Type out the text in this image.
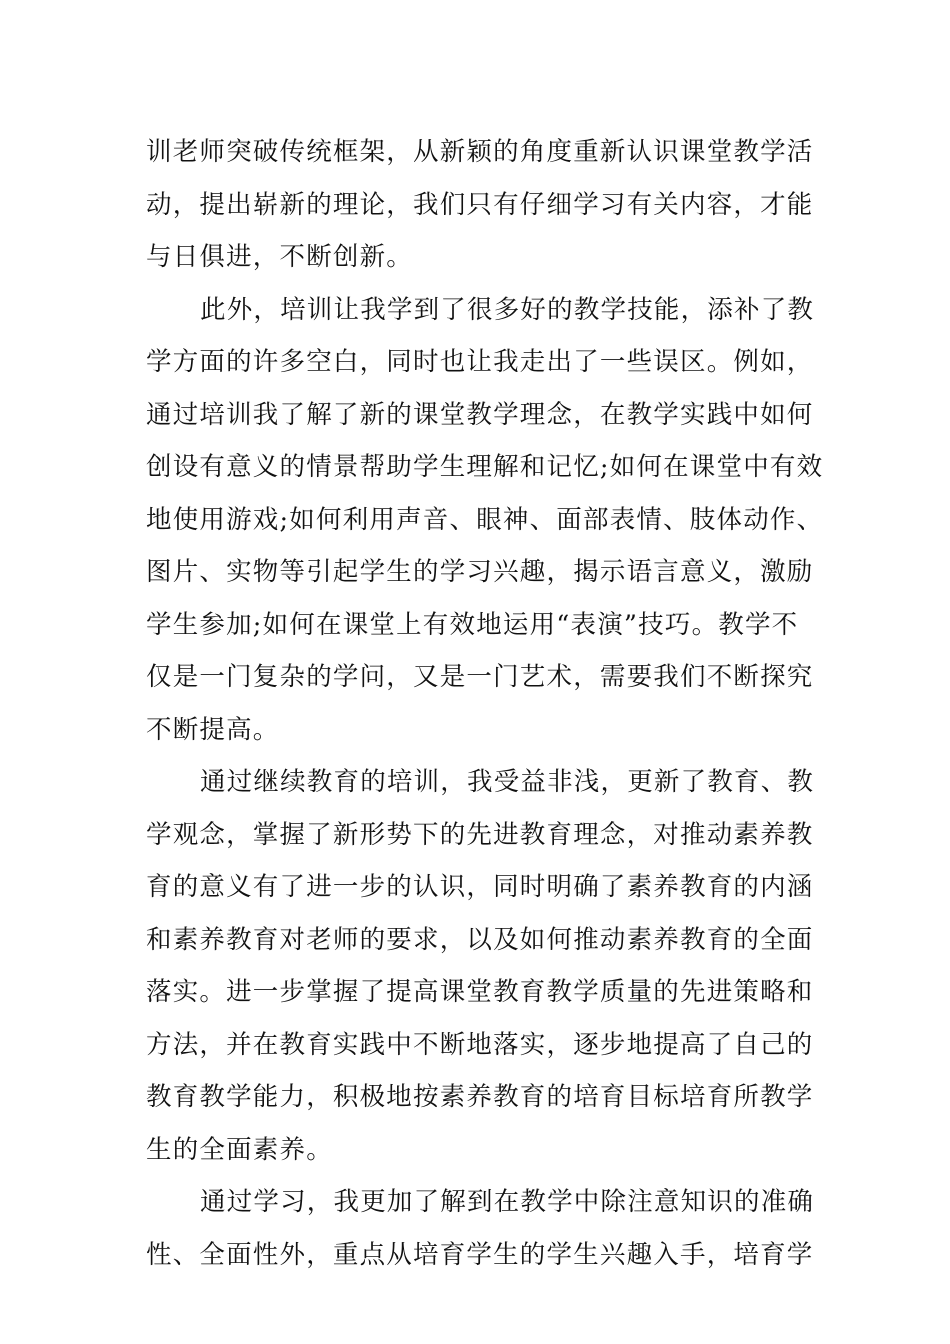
训老师突破传统框架，从新颖的角度重新认识课堂教学活
动，提出崭新的理论，我们只有仔细学习有关内容，才能
与日俱进，不断创新。
此外，培训让我学到了很多好的教学技能，添补了教
学方面的许多空白，同时也让我走出了一些误区。例如，
通过培训我了解了新的课堂教学理念，在教学实践中如何
创设有意义的情景帮助学生理解和记忆;如何在课堂中有效
地使用游戏;如何利用声音、眼神、面部表情、肢体动作、
图片、实物等引起学生的学习兴趣，揭示语言意义，激励
学生参加;如何在课堂上有效地运用“表演”技巧。教学不
仅是一门复杂的学问，又是一门艺术，需要我们不断探究
不断提高。
通过继续教育的培训，我受益非浅，更新了教育、教
学观念，掌握了新形势下的先进教育理念，对推动素养教
育的意义有了进一步的认识，同时明确了素养教育的内涵
和素养教育对老师的要求，以及如何推动素养教育的全面
落实。进一步掌握了提高课堂教育教学质量的先进策略和
方法，并在教育实践中不断地落实，逐步地提高了自己的
教育教学能力，积极地按素养教育的培育目标培育所教学
生的全面素养。
通过学习，我更加了解到在教学中除注意知识的准确
性、全面性外，重点从培育学生的学生兴趣入手，培育学
